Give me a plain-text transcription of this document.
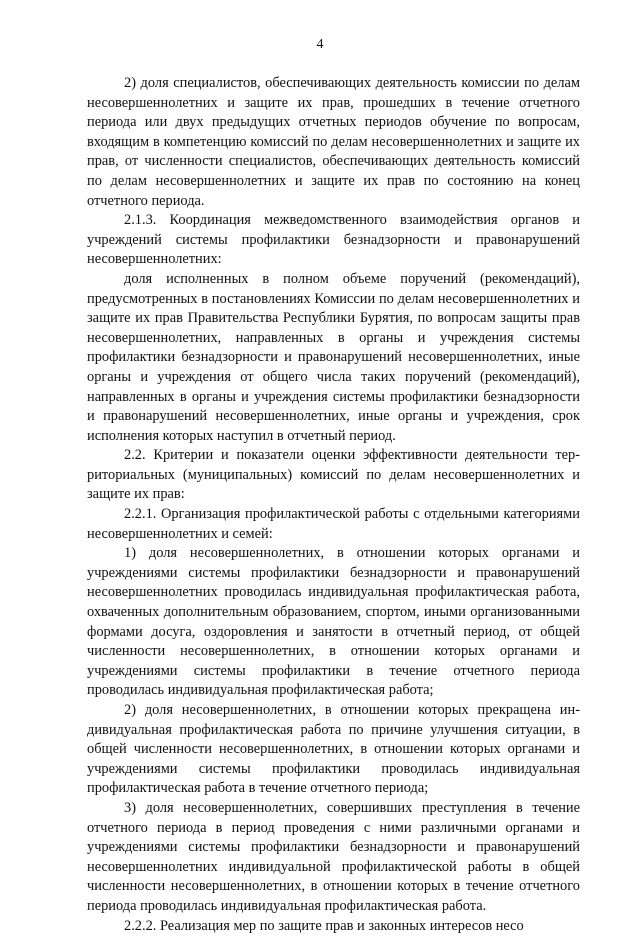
4

2) доля специалистов, обеспечивающих деятельность комиссии по делам несовершеннолетних и защите их прав, прошедших в течение отчетного периода или двух предыдущих отчетных периодов обучение по вопросам, входящим в компетенцию комиссий по делам несовершеннолетних и защите их прав, от численности специалистов, обеспечивающих деятельность комиссий по делам несовершеннолетних и защите их прав по состоянию на конец отчетного периода.

2.1.3. Координация межведомственного взаимодействия органов и учреждений системы профилактики безнадзорности и правонарушений несовершеннолетних:

доля исполненных в полном объеме поручений (рекомендаций), предусмотренных в постановлениях Комиссии по делам несовершеннолетних и защите их прав Правительства Республики Бурятия, по вопросам защиты прав несовершеннолетних, направленных в органы и учреждения системы профилактики безнадзорности и правонарушений несовершеннолетних, иные органы и учреждения от общего числа таких поручений (рекомендаций), направленных в органы и учреждения системы профилактики безнадзорности и правонарушений несовершеннолетних, иные органы и учреждения, срок исполнения которых наступил в отчетный период.

2.2. Критерии и показатели оценки эффективности деятельности территориальных (муниципальных) комиссий по делам несовершеннолетних и защите их прав:

2.2.1. Организация профилактической работы с отдельными категориями несовершеннолетних и семей:

1) доля несовершеннолетних, в отношении которых органами и учреждениями системы профилактики безнадзорности и правонарушений несовершеннолетних проводилась индивидуальная профилактическая работа, охваченных дополнительным образованием, спортом, иными организованными формами досуга, оздоровления и занятости в отчетный период, от общей численности несовершеннолетних, в отношении которых органами и учреждениями системы профилактики в течение отчетного периода проводилась индивидуальная профилактическая работа;

2) доля несовершеннолетних, в отношении которых прекращена индивидуальная профилактическая работа по причине улучшения ситуации, в общей численности несовершеннолетних, в отношении которых органами и учреждениями системы профилактики проводилась индивидуальная профилактическая работа в течение отчетного периода;

3) доля несовершеннолетних, совершивших преступления в течение отчетного периода в период проведения с ними различными органами и учреждениями системы профилактики безнадзорности и правонарушений несовершеннолетних индивидуальной профилактической работы в общей численности несовершеннолетних, в отношении которых в течение отчетного периода проводилась индивидуальная профилактическая работа.

2.2.2. Реализация мер по защите прав и законных интересов несо
